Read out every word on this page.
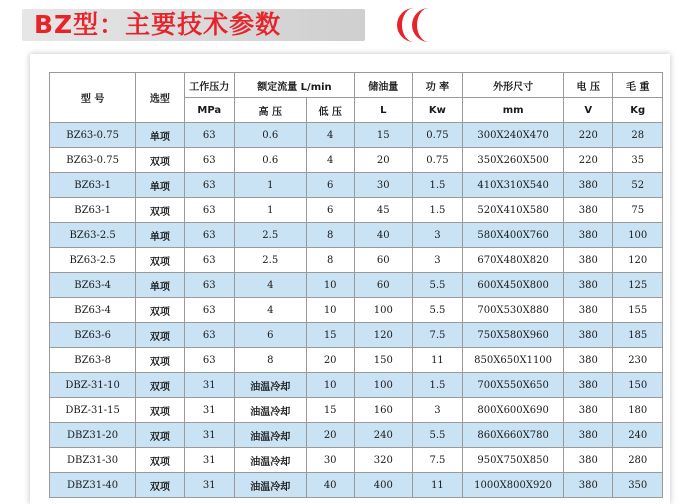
BZ型：主要技术参数
型 号	选型	工作压力	额定流量 L/min		储油量	功 率	外形尺寸	电 压	毛 重
		MPa	高 压	低 压	L	Kw	mm	V	Kg
BZ63-0.75	单项	63	0.6	4	15	0.75	300X240X470	220	28
BZ63-0.75	双项	63	0.6	4	20	0.75	350X260X500	220	35
BZ63-1	单项	63	1	6	30	1.5	410X310X540	380	52
BZ63-1	双项	63	1	6	45	1.5	520X410X580	380	75
BZ63-2.5	单项	63	2.5	8	40	3	580X400X760	380	100
BZ63-2.5	双项	63	2.5	8	60	3	670X480X820	380	120
BZ63-4	单项	63	4	10	60	5.5	600X450X800	380	125
BZ63-4	双项	63	4	10	100	5.5	700X530X880	380	155
BZ63-6	双项	63	6	15	120	7.5	750X580X960	380	185
BZ63-8	双项	63	8	20	150	11	850X650X1100	380	230
DBZ-31-10	双项	31	油温冷却	10	100	1.5	700X550X650	380	150
DBZ-31-15	双项	31	油温冷却	15	160	3	800X600X690	380	180
DBZ31-20	双项	31	油温冷却	20	240	5.5	860X660X780	380	240
DBZ31-30	双项	31	油温冷却	30	320	7.5	950X750X850	380	280
DBZ31-40	双项	31	油温冷却	40	400	11	1000X800X920	380	350
